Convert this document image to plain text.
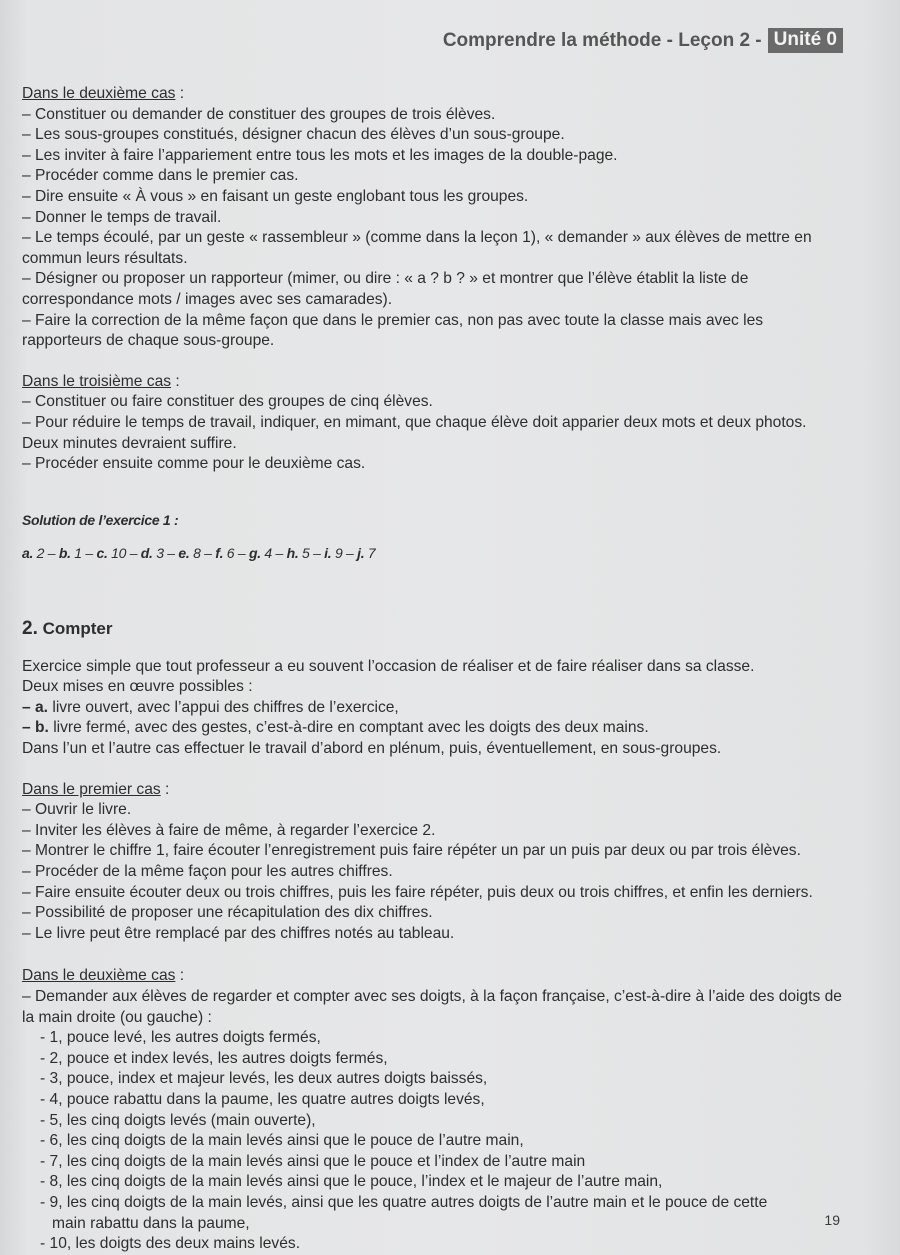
Comprendre la méthode - Leçon 2 - Unité 0

Dans le deuxième cas :

– Constituer ou demander de constituer des groupes de trois élèves.

– Les sous-groupes constitués, désigner chacun des élèves d’un sous-groupe.

– Les inviter à faire l’appariement entre tous les mots et les images de la double-page.

– Procéder comme dans le premier cas.

– Dire ensuite « À vous » en faisant un geste englobant tous les groupes.

– Donner le temps de travail.

– Le temps écoulé, par un geste « rassembleur » (comme dans la leçon 1), « demander » aux élèves de mettre en commun leurs résultats.

– Désigner ou proposer un rapporteur (mimer, ou dire : « a ? b ? » et montrer que l’élève établit la liste de correspondance mots / images avec ses camarades).

– Faire la correction de la même façon que dans le premier cas, non pas avec toute la classe mais avec les rapporteurs de chaque sous-groupe.

Dans le troisième cas :

– Constituer ou faire constituer des groupes de cinq élèves.

– Pour réduire le temps de travail, indiquer, en mimant, que chaque élève doit apparier deux mots et deux photos. Deux minutes devraient suffire.

– Procéder ensuite comme pour le deuxième cas.

Solution de l’exercice 1 :

a. 2 – b. 1 – c. 10 – d. 3 – e. 8 – f. 6 – g. 4 – h. 5 – i. 9 – j. 7

2. Compter

Exercice simple que tout professeur a eu souvent l’occasion de réaliser et de faire réaliser dans sa classe.

Deux mises en œuvre possibles :

– a. livre ouvert, avec l’appui des chiffres de l’exercice,

– b. livre fermé, avec des gestes, c’est-à-dire en comptant avec les doigts des deux mains.

Dans l’un et l’autre cas effectuer le travail d’abord en plénum, puis, éventuellement, en sous-groupes.

Dans le premier cas :

– Ouvrir le livre.

– Inviter les élèves à faire de même, à regarder l’exercice 2.

– Montrer le chiffre 1, faire écouter l’enregistrement puis faire répéter un par un puis par deux ou par trois élèves.

– Procéder de la même façon pour les autres chiffres.

– Faire ensuite écouter deux ou trois chiffres, puis les faire répéter, puis deux ou trois chiffres, et enfin les derniers.

– Possibilité de proposer une récapitulation des dix chiffres.

– Le livre peut être remplacé par des chiffres notés au tableau.

Dans le deuxième cas :

– Demander aux élèves de regarder et compter avec ses doigts, à la façon française, c’est-à-dire à l’aide des doigts de la main droite (ou gauche) :

- 1, pouce levé, les autres doigts fermés,

- 2, pouce et index levés, les autres doigts fermés,

- 3, pouce, index et majeur levés, les deux autres doigts baissés,

- 4, pouce rabattu dans la paume, les quatre autres doigts levés,

- 5, les cinq doigts levés (main ouverte),

- 6, les cinq doigts de la main levés ainsi que le pouce de l’autre main,

- 7, les cinq doigts de la main levés ainsi que le pouce et l’index de l’autre main

- 8, les cinq doigts de la main levés ainsi que le pouce, l’index et le majeur de l’autre main,

- 9, les cinq doigts de la main levés, ainsi que les quatre autres doigts de l’autre main et le pouce de cette

main rabattu dans la paume,

- 10, les doigts des deux mains levés.

19
